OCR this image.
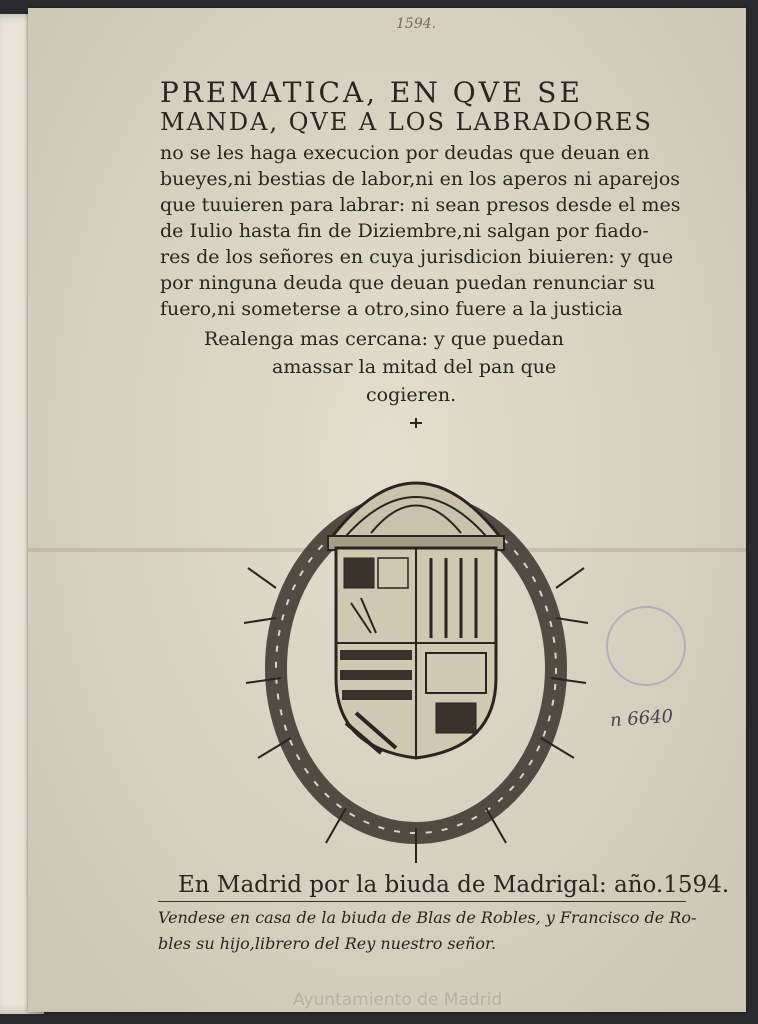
1594.
PREMATICA, EN QVE SE
MANDA, QVE A LOS LABRADORES
no se les haga execucion por deudas que deuan en
bueyes,ni bestias de labor,ni en los aperos ni aparejos
que tuuieren para labrar: ni sean presos desde el mes
de Iulio hasta fin de Diziembre,ni salgan por fiado-
res de los señores en cuya jurisdicion biuieren: y que
por ninguna deuda que deuan puedan renunciar su
fuero,ni someterse a otro,sino fuere a la justicia
Realenga mas cercana: y que puedan
amassar la mitad del pan que
cogieren.
En Madrid por la biuda de Madrigal: año.1594.
Vendese en casa de la biuda de Blas de Robles, y Francisco de Ro-
bles su hijo,librero del Rey nuestro señor.
n 6640
Ayuntamiento de Madrid
